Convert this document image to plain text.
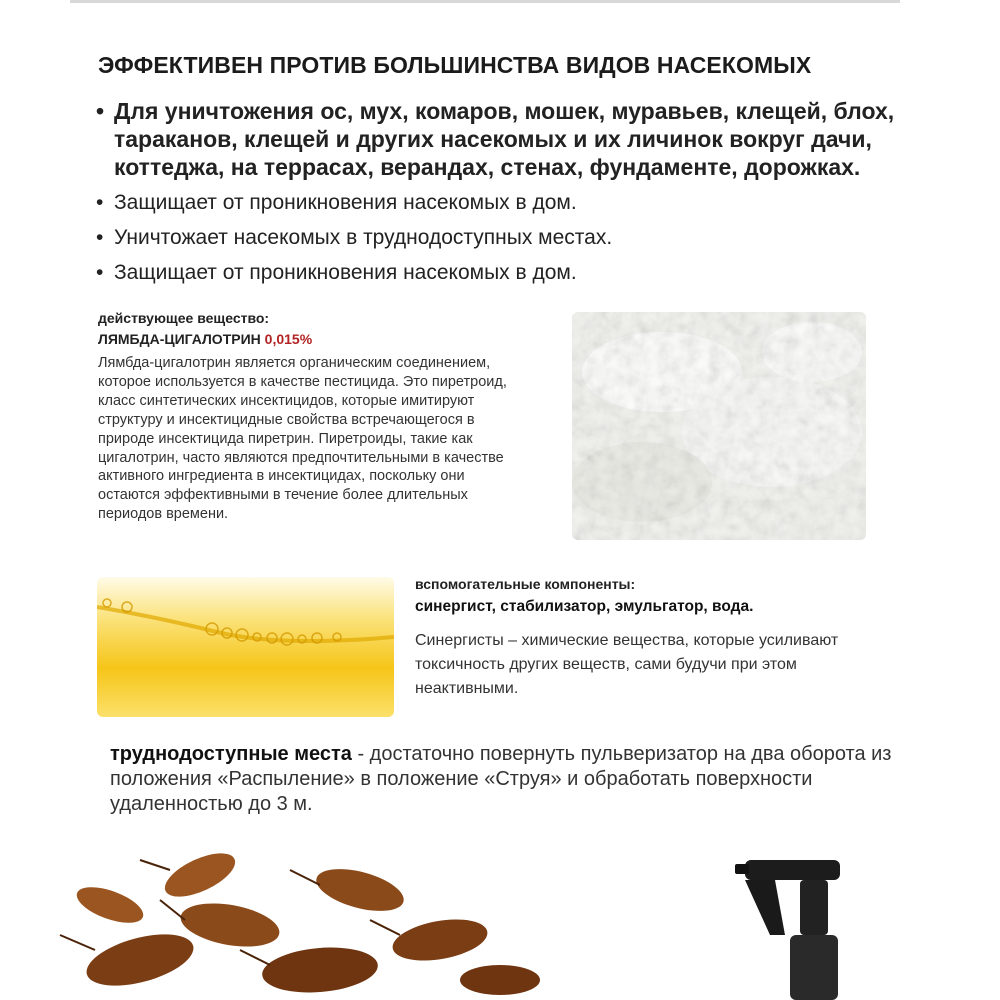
ЭФФЕКТИВЕН ПРОТИВ БОЛЬШИНСТВА ВИДОВ НАСЕКОМЫХ
• Для уничтожения ос, мух, комаров, мошек, муравьев, клещей, блох, тараканов, клещей и других насекомых и их личинок вокруг дачи, коттеджа, на террасах, верандах, стенах, фундаменте, дорожках.
• Защищает от проникновения насекомых в дом.
• Уничтожает насекомых в труднодоступных местах.
• Защищает от проникновения насекомых в дом.
действующее вещество:
ЛЯМБДА-ЦИГАЛОТРИН 0,015%

Лямбда-цигалотрин является органическим соединением, которое используется в качестве пестицида. Это пиретроид, класс синтетических инсектицидов, которые имитируют структуру и инсектицидные свойства встречающегося в природе инсектицида пиретрин. Пиретроиды, такие как цигалотрин, часто являются предпочтительными в качестве активного ингредиента в инсектицидах, поскольку они остаются эффективными в течение более длительных периодов времени.

вспомогательные компоненты:
синергист, стабилизатор, эмульгатор, вода.

Синергисты – химические вещества, которые усиливают токсичность других веществ, сами будучи при этом неактивными.

труднодоступные места - достаточно повернуть пульверизатор на два оборота из положения «Распыление» в положение «Струя» и обработать поверхности удаленностью до 3 м.
